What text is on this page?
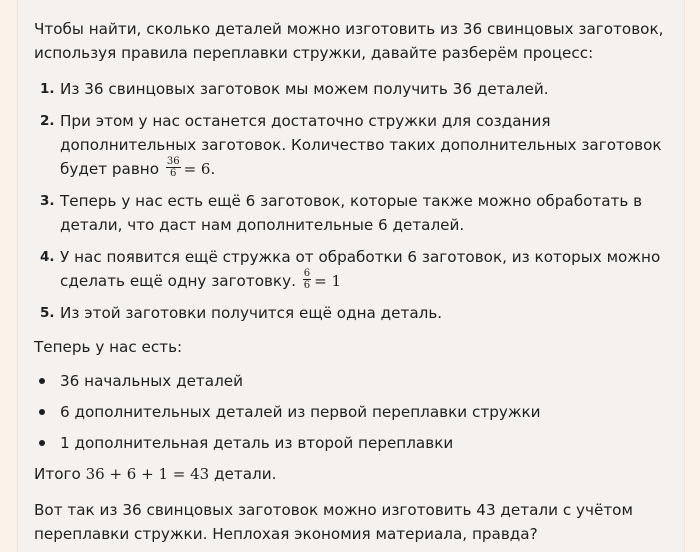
Чтобы найти, сколько деталей можно изготовить из 36 свинцовых заготовок, используя правила переплавки стружки, давайте разберём процесс:

1. Из 36 свинцовых заготовок мы можем получить 36 деталей.
2. При этом у нас останется достаточно стружки для создания дополнительных заготовок. Количество таких дополнительных заготовок будет равно $\frac{36}{6} = 6$.
3. Теперь у нас есть ещё 6 заготовок, которые также можно обработать в детали, что даст нам дополнительные 6 деталей.
4. У нас появится ещё стружка от обработки 6 заготовок, из которых можно сделать ещё одну заготовку. $\frac{6}{6} = 1$
5. Из этой заготовки получится ещё одна деталь.

Теперь у нас есть:

36 начальных деталей
6 дополнительных деталей из первой переплавки стружки
1 дополнительная деталь из второй переплавки

Итого 36 + 6 + 1 = 43 детали.

Вот так из 36 свинцовых заготовок можно изготовить 43 детали с учётом переплавки стружки. Неплохая экономия материала, правда?
